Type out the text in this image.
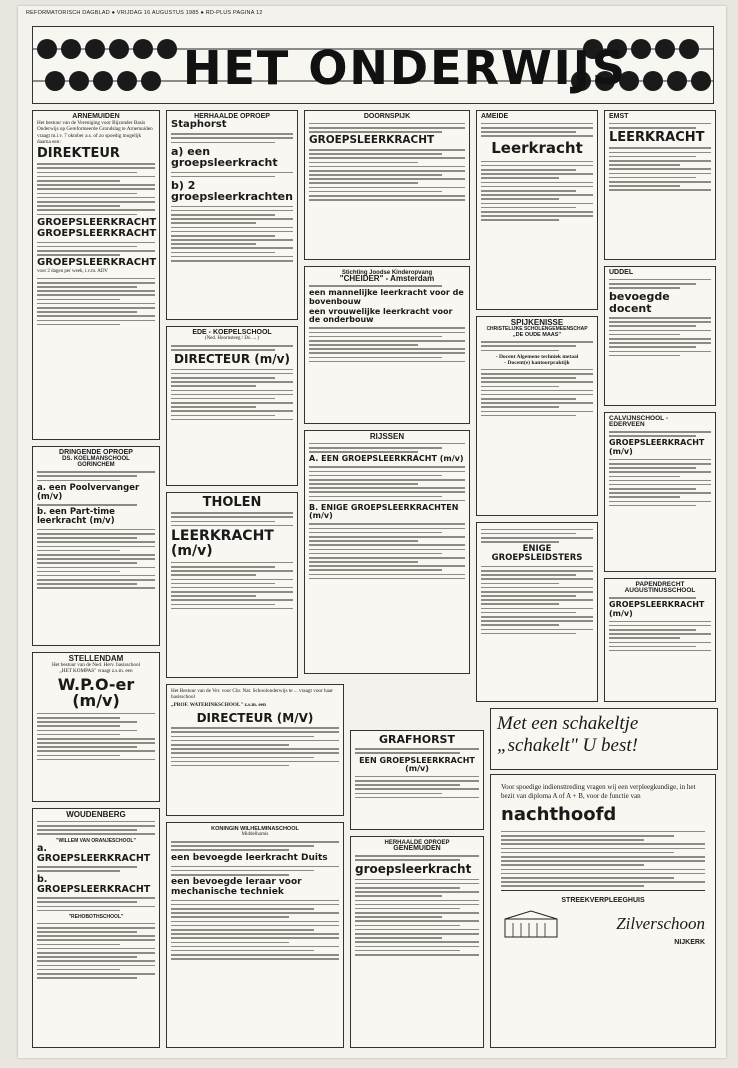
REFORMATORISCH DAGBLAD ● VRIJDAG 16 AUGUSTUS 1985 ● RD-PLUS PAGINA 12
HET ONDERWIJS
ARNEMUIDEN

Het bestuur van de Vereniging voor Bijzonder Basis Onderwijs op Gereformeerde Grondslag te Arnemuiden vraagt m.i.v. 7 oktober a.s. of zo spoedig mogelijk daarna een:

DIREKTEUR
GROEPSLEERKRACHT
GROEPSLEERKRACHT
GROEPSLEERKRACHT
voor 2 dagen per week, i.v.m. ADV
DRINGENDE OPROEP
DS. KOELMANSCHOOL
GORINCHEM
a. een Poolvervanger (m/v)
b. een Part-time leerkracht (m/v)
STELLENDAM
Het bestuur van de Ned. Herv. basisschool
„HET KOMPAS" vraagt z.s.m. een
W.P.O-er (m/v)
WOUDENBERG
"WILLEM VAN ORANJESCHOOL"
a. GROEPSLEERKRACHT
b. GROEPSLEERKRACHT
"REHOBOTHSCHOOL"
HERHAALDE OPROEP
Staphorst
a) een groepsleerkracht
b) 2 groepsleerkrachten
EDE - KOEPELSCHOOL
(Ned. Hoornsteeg / Ds. ... )
DIRECTEUR (m/v)
THOLEN
LEERKRACHT (m/v)

Het Bestuur van de Ver. voor Chr. Nat. Schoolonderwijs te ... vraagt voor haar basisschool

„PROF. WATERINKSCHOOL" z.s.m. een
DIRECTEUR (M/V)
KONINGIN WILHELMINASCHOOL
Middelharnis
een bevoegde leerkracht Duits
een bevoegde leraar voor mechanische techniek
DOORNSPIJK
GROEPSLEERKRACHT
Stichting Joodse Kinderopvang
"CHEIDER" - Amsterdam
een mannelijke leerkracht voor de bovenbouw
een vrouwelijke leerkracht voor de onderbouw
RIJSSEN
A. EEN GROEPSLEERKRACHT (m/v)
B. ENIGE GROEPSLEERKRACHTEN (m/v)
GRAFHORST
EEN GROEPSLEERKRACHT (m/v)
HERHAALDE OPROEP
GENEMUIDEN
groepsleerkracht
AMEIDE
Leerkracht
SPIJKENISSE
CHRISTELIJKE SCHOLENGEMEENSCHAP
„DE OUDE MAAS"
- Docent Algemene techniek metaal
- Docent(e) kantoorpraktijk
ENIGE GROEPSLEIDSTERS
EMST
LEERKRACHT
UDDEL
bevoegde docent
CALVIJNSCHOOL -
EDERVEEN
GROEPSLEERKRACHT (m/v)
PAPENDRECHT
AUGUSTINUSSCHOOL
GROEPSLEERKRACHT (m/v)
Met een schakeltje „schakelt" U best!

Voor spoedige indiensttreding vragen wij een verpleegkundige, in het bezit van diploma A of A + B, voor de functie van

nachthoofd
STREEKVERPLEEGHUIS
Zilverschoon
NIJKERK
